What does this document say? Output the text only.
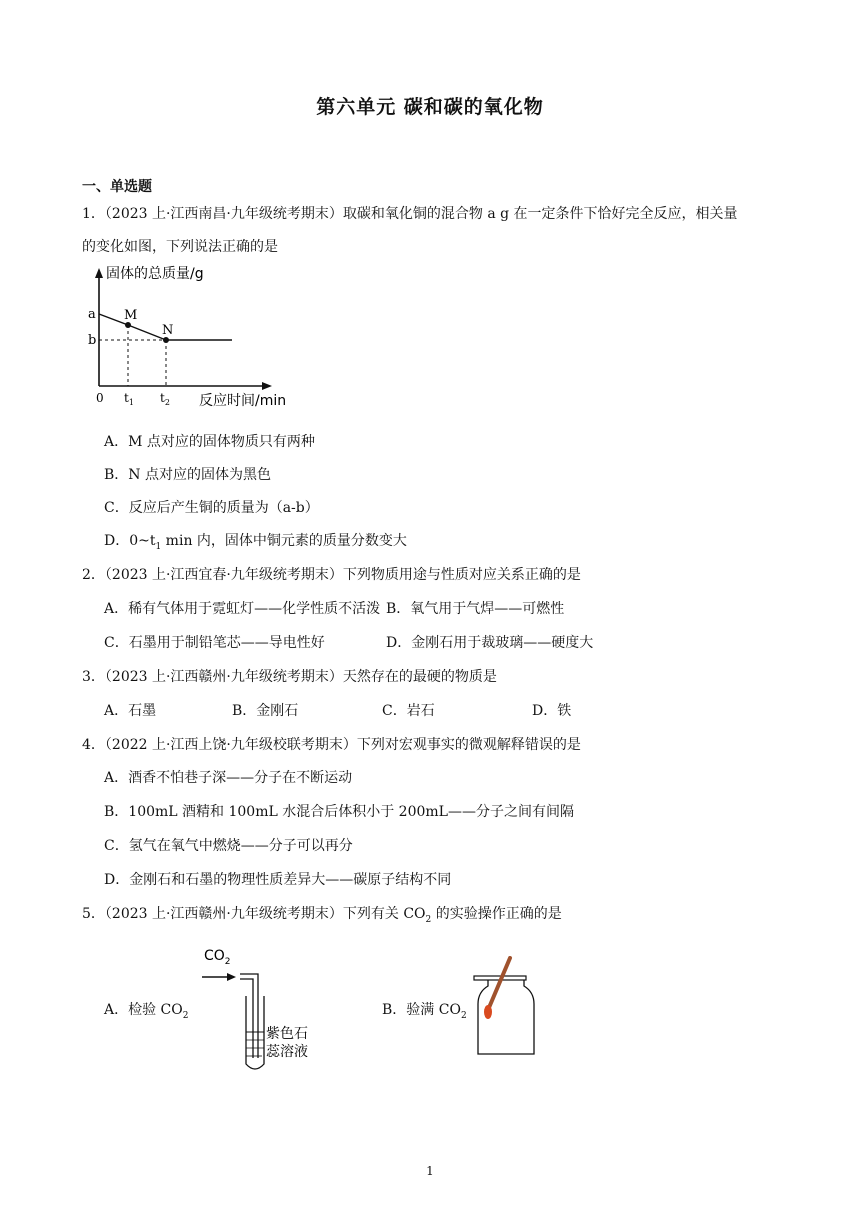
第六单元 碳和碳的氧化物
一、单选题
1．（2023 上·江西南昌·九年级统考期末）取碳和氧化铜的混合物 a g 在一定条件下恰好完全反应，相关量
的变化如图，下列说法正确的是
固体的总质量/g
反应时间/min
0
a
b
M
N
$t_1$ $t_2$
A．M 点对应的固体物质只有两种
B．N 点对应的固体为黑色
C．反应后产生铜的质量为（a-b）
D．$0\sim t_1$ min 内，固体中铜元素的质量分数变大
2．（2023 上·江西宜春·九年级统考期末）下列物质用途与性质对应关系正确的是
A．稀有气体用于霓虹灯——化学性质不活泼 B．氧气用于气焊——可燃性
C．石墨用于制铅笔芯——导电性好	D．金刚石用于裁玻璃——硬度大
3．（2023 上·江西赣州·九年级统考期末）天然存在的最硬的物质是
A．石墨	B．金刚石	C．岩石	D．铁
4．（2022 上·江西上饶·九年级校联考期末）下列对宏观事实的微观解释错误的是
A．酒香不怕巷子深——分子在不断运动
B．100mL 酒精和 100mL 水混合后体积小于 200mL——分子之间有间隔
C．氢气在氧气中燃烧——分子可以再分
D．金刚石和石墨的物理性质差异大——碳原子结构不同
5．（2023 上·江西赣州·九年级统考期末）下列有关 $CO_2$ 的实验操作正确的是
A．检验 $CO_2$
$CO_2$
紫色石
蕊溶液
B．验满 $CO_2$
1
